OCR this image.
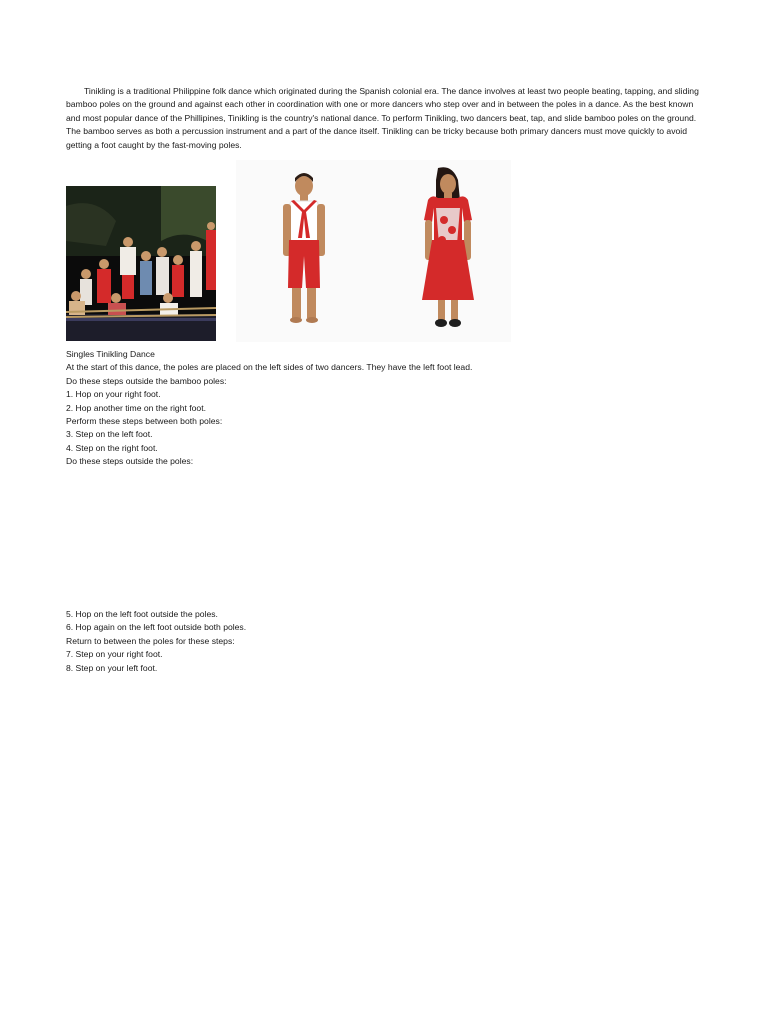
Tinikling is a traditional Philippine folk dance which originated during the Spanish colonial era. The dance involves at least two people beating, tapping, and sliding bamboo poles on the ground and against each other in coordination with one or more dancers who step over and in between the poles in a dance. As the best known and most popular dance of the Phillipines, Tinikling is the country's national dance. To perform Tinikling, two dancers beat, tap, and slide bamboo poles on the ground. The bamboo serves as both a percussion instrument and a part of the dance itself. Tinikling can be tricky because both primary dancers must move quickly to avoid getting a foot caught by the fast-moving poles.

Singles Tinikling Dance
At the start of this dance, the poles are placed on the left sides of two dancers. They have the left foot lead.
Do these steps outside the bamboo poles:
1. Hop on your right foot.
2. Hop another time on the right foot.
Perform these steps between both poles:
3. Step on the left foot.
4. Step on the right foot.
Do these steps outside the poles:
5. Hop on the left foot outside the poles.
6. Hop again on the left foot outside both poles.
Return to between the poles for these steps:
7. Step on your right foot.
8. Step on your left foot.
